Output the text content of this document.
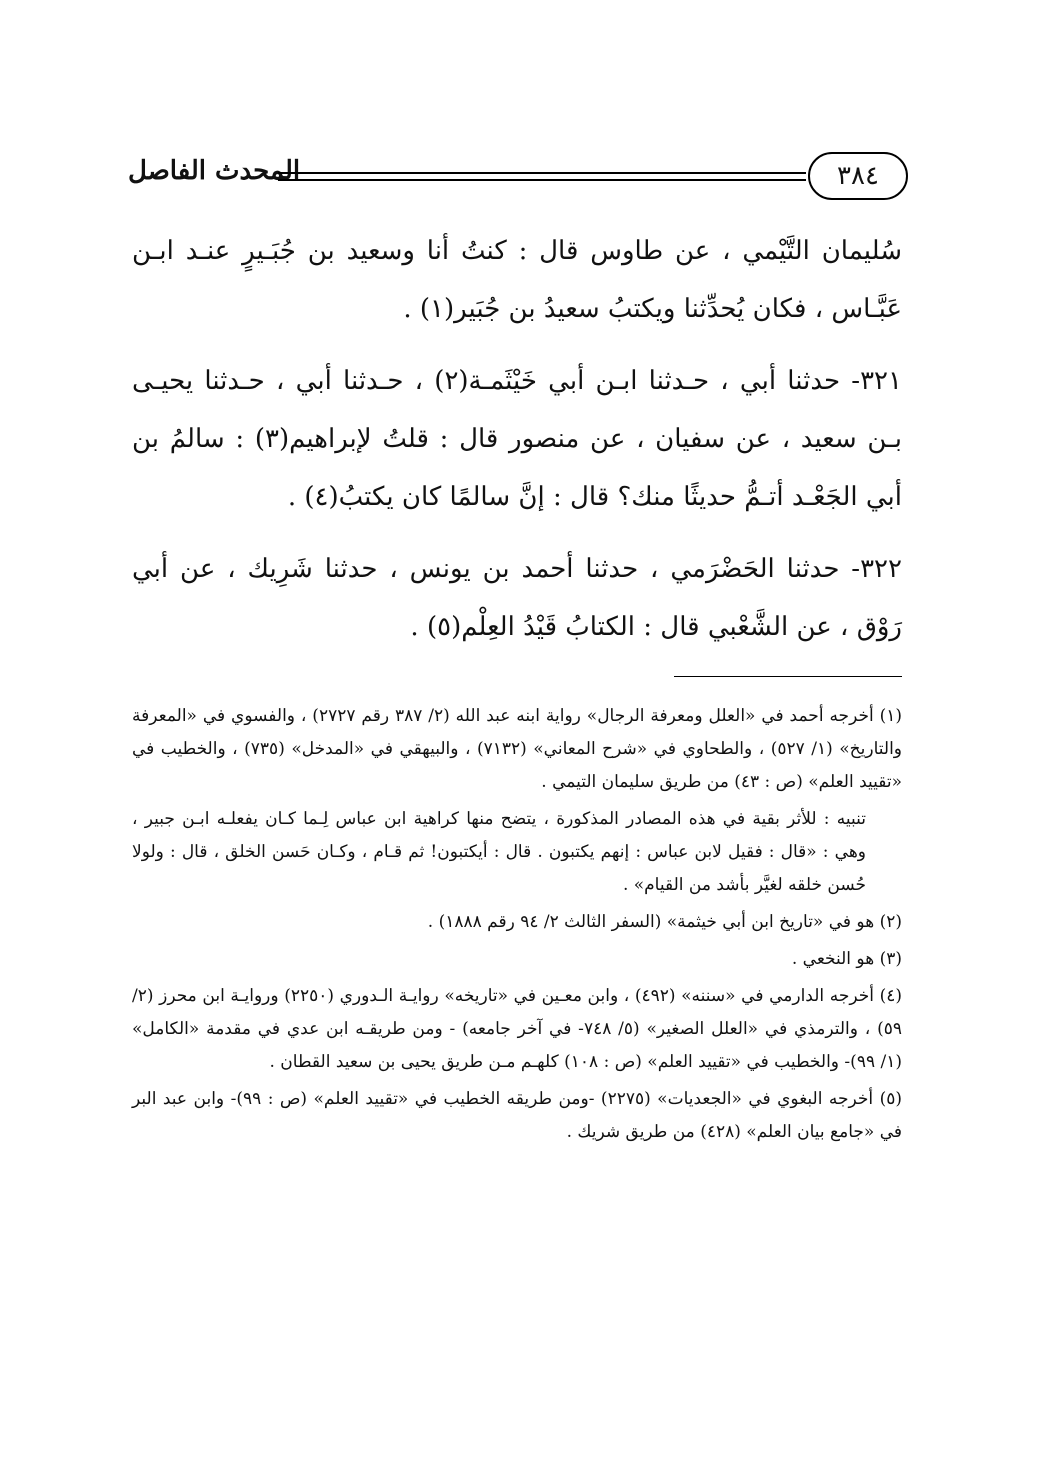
المحدث الفاصل	٣٨٤

سُليمان التَّيْمي ، عن طاوس قال : كنتُ أنا وسعيد بن جُبَـيرٍ عنـد ابـن عَبَّـاس ، فكان يُحدِّثنا ويكتبُ سعيدُ بن جُبَير(١) .

٣٢١- حدثنا أبي ، حـدثنا ابـن أبي خَيْثَمـة(٢) ، حـدثنا أبي ، حـدثنا يحيـى بـن سعيد ، عن سفيان ، عن منصور قال : قلتُ لإبراهيم(٣) : سالمُ بن أبي الجَعْـد أتـمُّ حديثًا منك؟ قال : إنَّ سالمًا كان يكتبُ(٤) .

٣٢٢- حدثنا الحَضْرَمي ، حدثنا أحمد بن يونس ، حدثنا شَرِيك ، عن أبي رَوْق ، عن الشَّعْبي قال : الكتابُ قَيْدُ العِلْم(٥) .

(١) أخرجه أحمد في «العلل ومعرفة الرجال» رواية ابنه عبد الله (٢/ ٣٨٧ رقم ٢٧٢٧) ، والفسوي في «المعرفة والتاريخ» (١/ ٥٢٧) ، والطحاوي في «شرح المعاني» (٧١٣٢) ، والبيهقي في «المدخل» (٧٣٥) ، والخطيب في «تقييد العلم» (ص : ٤٣) من طريق سليمان التيمي .

تنبيه : للأثر بقية في هذه المصادر المذكورة ، يتضح منها كراهية ابن عباس لِـما كـان يفعلـه ابـن جبير ، وهي : «قال : فقيل لابن عباس : إنهم يكتبون . قال : أيكتبون! ثم قـام ، وكـان حَسن الخلق ، قال : ولولا حُسن خلقه لغيَّر بأشد من القيام» .

(٢) هو في «تاريخ ابن أبي خيثمة» (السفر الثالث ٢/ ٩٤ رقم ١٨٨٨) .

(٣) هو النخعي .

(٤) أخرجه الدارمي في «سننه» (٤٩٢) ، وابن معـين في «تاريخه» روايـة الـدوري (٢٢٥٠) وروايـة ابن محرز (٢/ ٥٩) ، والترمذي في «العلل الصغير» (٥/ ٧٤٨- في آخر جامعه) - ومن طريقـه ابن عدي في مقدمة «الكامل» (١/ ٩٩)- والخطيب في «تقييد العلم» (ص : ١٠٨) كلهـم مـن طريق يحيى بن سعيد القطان .

(٥) أخرجه البغوي في «الجعديات» (٢٢٧٥) -ومن طريقه الخطيب في «تقييد العلم» (ص : ٩٩)- وابن عبد البر في «جامع بيان العلم» (٤٢٨) من طريق شريك .
